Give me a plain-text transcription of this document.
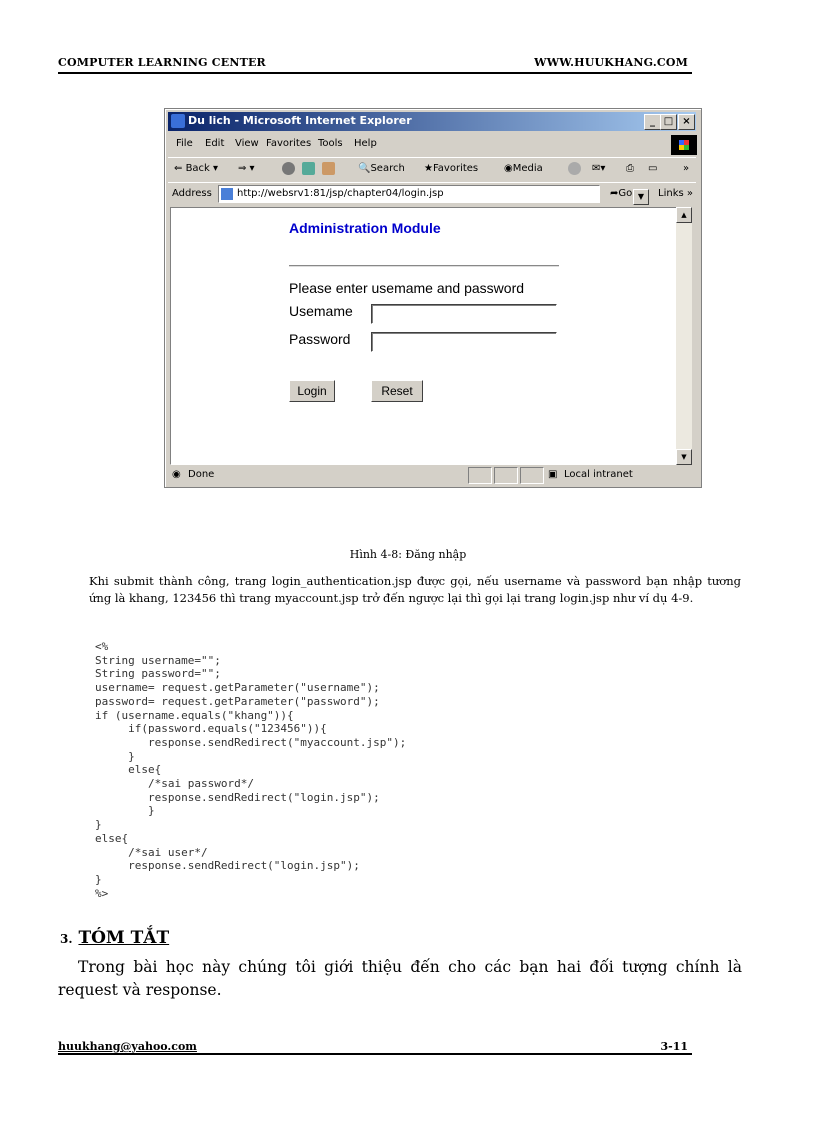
COMPUTER LEARNING CENTER	WWW.HUUKHANG.COM
Du lich - Microsoft Internet Explorer	_ □ ×
File Edit View Favorites Tools Help
⇐ Back ▾ ⇒ ▾	🔍Search ★Favorites	◉Media	✉▾ ⎙ ▭	»
Address	http://websrv1:81/jsp/chapter04/login.jsp	▼
➦Go	Links »
Administration Module
Please enter usemame and password
Usemame
Password
Login	Reset
▲
▼
◉ Done	▣ Local intranet
Hình 4-8: Đăng nhập
Khi submit thành công, trang login_authentication.jsp được gọi, nếu username và password bạn nhập tương ứng là khang, 123456 thì trang myaccount.jsp trở đến ngược lại thì gọi lại trang login.jsp như ví dụ 4-9.
<%
String username="";
String password="";
username= request.getParameter("username");
password= request.getParameter("password");
if (username.equals("khang")){
if(password.equals("123456")){
response.sendRedirect("myaccount.jsp");
}
else{
/*sai password*/
response.sendRedirect("login.jsp");
}
}
else{
/*sai user*/
response.sendRedirect("login.jsp");
}
%>
3. TÓM TẮT
Trong bài học này chúng tôi giới thiệu đến cho các bạn hai đối tượng chính là request và response.
huukhang@yahoo.com	3-11
